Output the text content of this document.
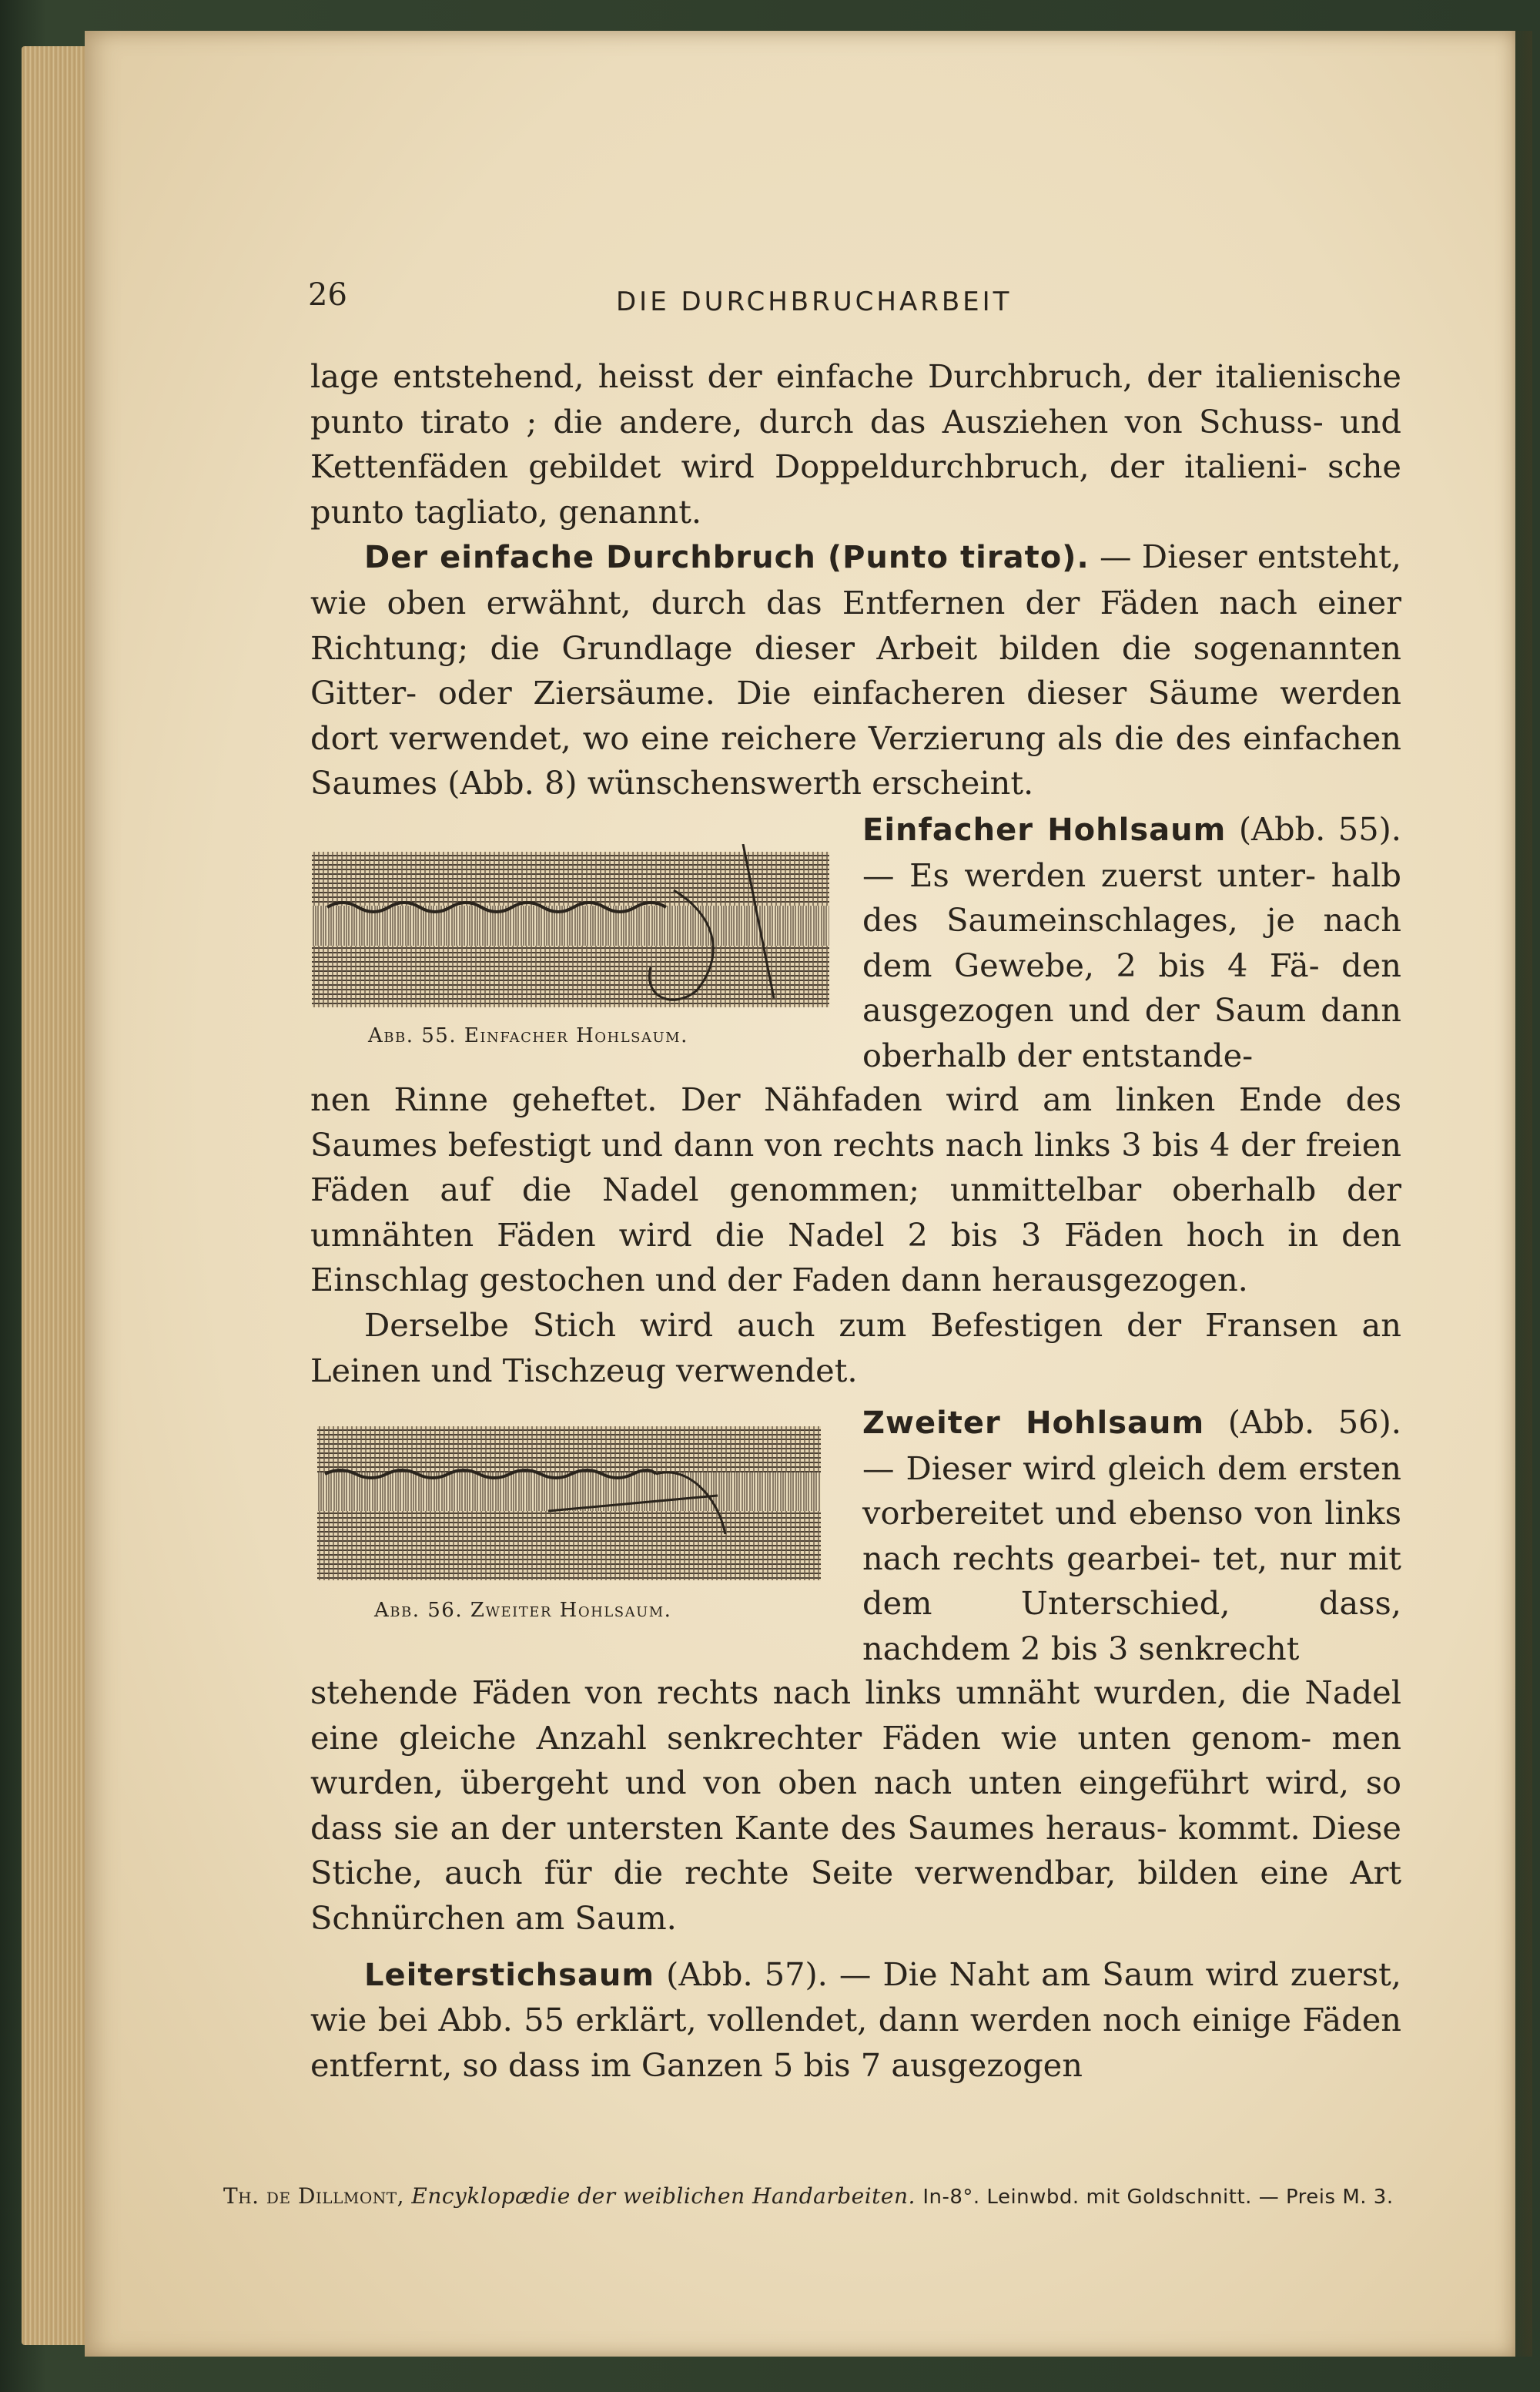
26	DIE DURCHBRUCHARBEIT

lage entstehend, heisst der einfache Durchbruch, der italienische punto tirato ; die andere, durch das Ausziehen von Schuss- und Kettenfäden gebildet wird Doppeldurchbruch, der italieni- sche punto tagliato, genannt.

Der einfache Durchbruch (Punto tirato). — Dieser entsteht, wie oben erwähnt, durch das Entfernen der Fäden nach einer Richtung; die Grundlage dieser Arbeit bilden die sogenannten Gitter- oder Ziersäume. Die einfacheren dieser Säume werden dort verwendet, wo eine reichere Verzierung als die des einfachen Saumes (Abb. 8) wünschenswerth erscheint.

Abb. 55. Einfacher Hohlsaum.
Einfacher Hohlsaum (Abb. 55). — Es werden zuerst unter- halb des Saumeinschlages, je nach dem Gewebe, 2 bis 4 Fä- den ausgezogen und der Saum dann oberhalb der entstande-

nen Rinne geheftet. Der Nähfaden wird am linken Ende des Saumes befestigt und dann von rechts nach links 3 bis 4 der freien Fäden auf die Nadel genommen; unmittelbar oberhalb der umnähten Fäden wird die Nadel 2 bis 3 Fäden hoch in den Einschlag gestochen und der Faden dann herausgezogen.

Derselbe Stich wird auch zum Befestigen der Fransen an Leinen und Tischzeug verwendet.

Abb. 56. Zweiter Hohlsaum.
Zweiter Hohlsaum (Abb. 56). — Dieser wird gleich dem ersten vorbereitet und ebenso von links nach rechts gearbei- tet, nur mit dem Unterschied, dass, nachdem 2 bis 3 senkrecht

stehende Fäden von rechts nach links umnäht wurden, die Nadel eine gleiche Anzahl senkrechter Fäden wie unten genom- men wurden, übergeht und von oben nach unten eingeführt wird, so dass sie an der untersten Kante des Saumes heraus- kommt. Diese Stiche, auch für die rechte Seite verwendbar, bilden eine Art Schnürchen am Saum.

Leiterstichsaum (Abb. 57). — Die Naht am Saum wird zuerst, wie bei Abb. 55 erklärt, vollendet, dann werden noch einige Fäden entfernt, so dass im Ganzen 5 bis 7 ausgezogen

Th. de Dillmont, Encyklopædie der weiblichen Handarbeiten. In-8°. Leinwbd. mit Goldschnitt. — Preis M. 3.
